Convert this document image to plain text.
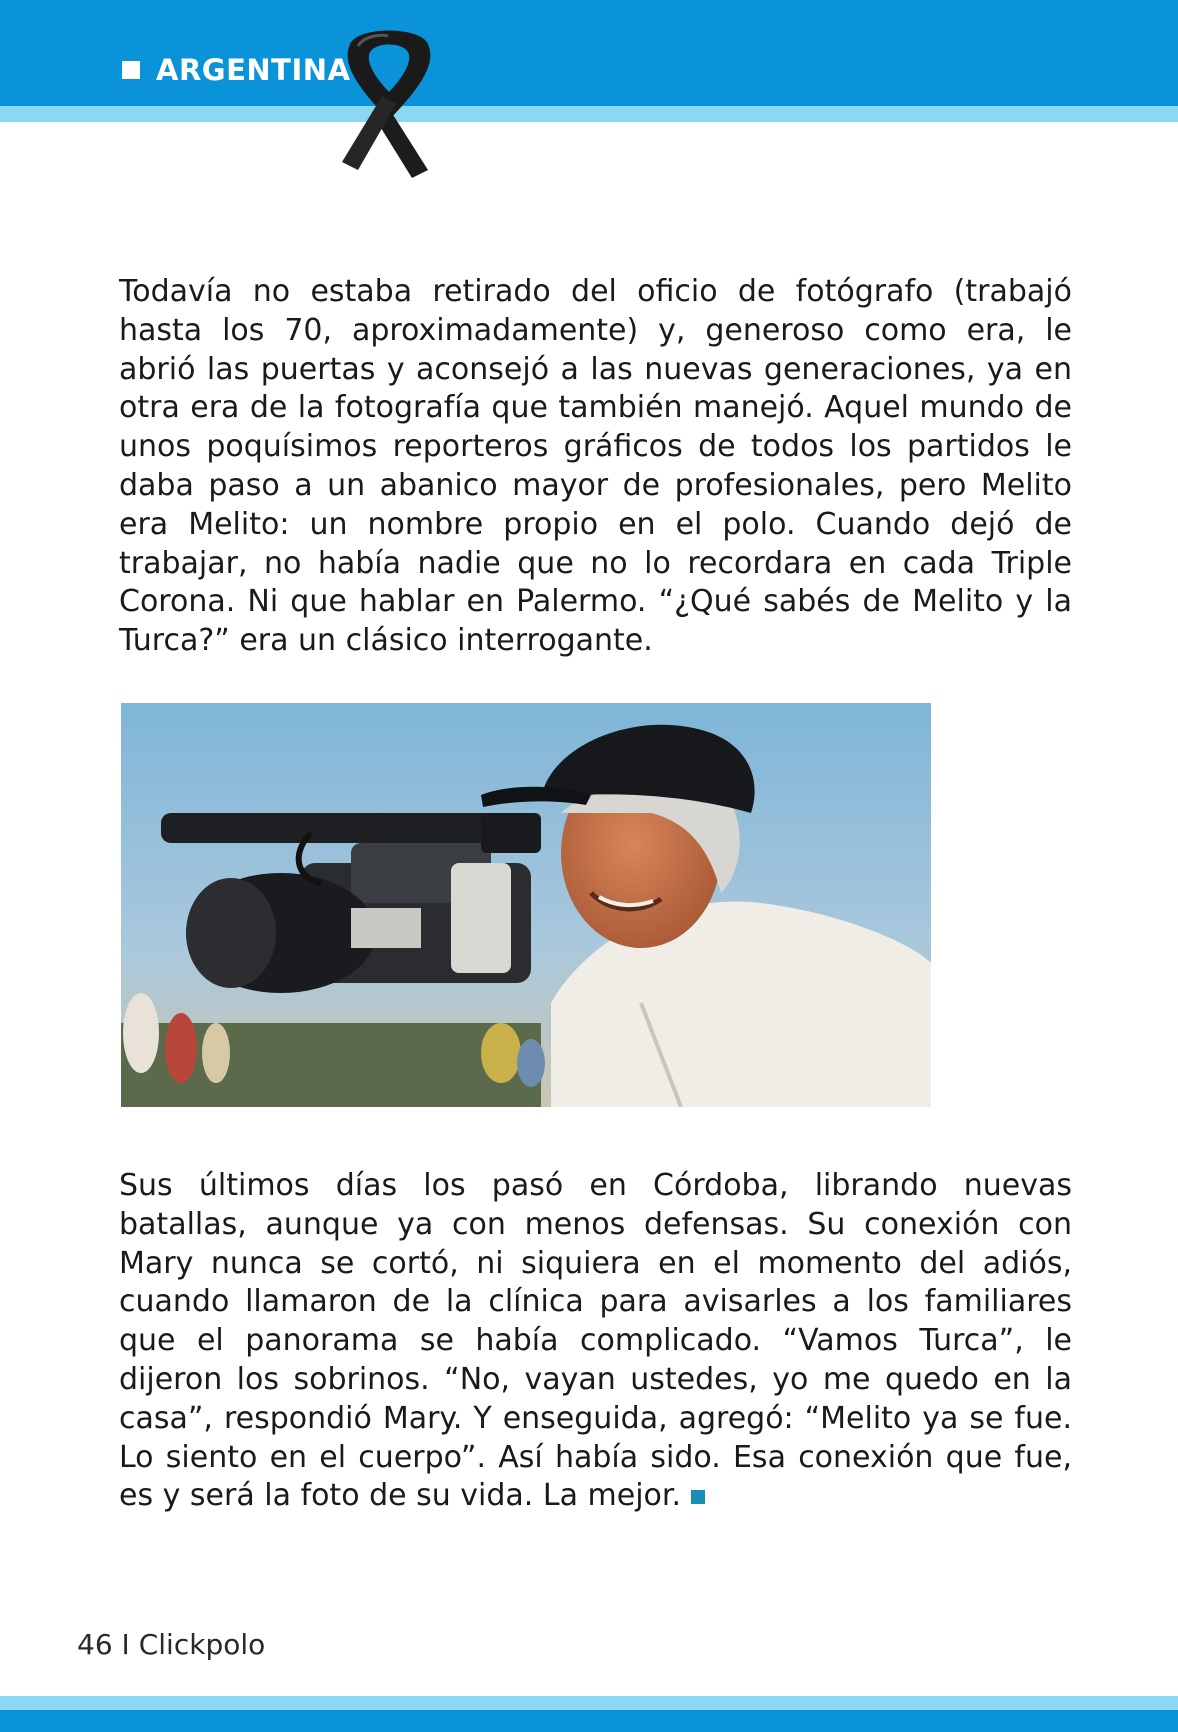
ARGENTINA

Todavía no estaba retirado del oficio de fotógrafo (trabajó hasta los 70, aproximadamente) y, generoso como era, le abrió las puertas y aconsejó a las nuevas generaciones, ya en otra era de la fotografía que también manejó. Aquel mundo de unos poquísimos reporteros gráficos de todos los partidos le daba paso a un abanico mayor de profesionales, pero Melito era Melito: un nombre propio en el polo. Cuando dejó de trabajar, no había nadie que no lo recordara en cada Triple Corona. Ni que hablar en Palermo. “¿Qué sabés de Melito y la Turca?” era un clásico interrogante.

Sus últimos días los pasó en Córdoba, librando nuevas batallas, aunque ya con menos defensas. Su conexión con Mary nunca se cortó, ni siquiera en el momento del adiós, cuando llamaron de la clínica para avisarles a los familiares que el panorama se había complicado. “Vamos Turca”, le dijeron los sobrinos. “No, vayan ustedes, yo me quedo en la casa”, respondió Mary. Y enseguida, agregó: “Melito ya se fue. Lo siento en el cuerpo”. Así había sido. Esa conexión que fue, es y será la foto de su vida. La mejor.

46 I Clickpolo
